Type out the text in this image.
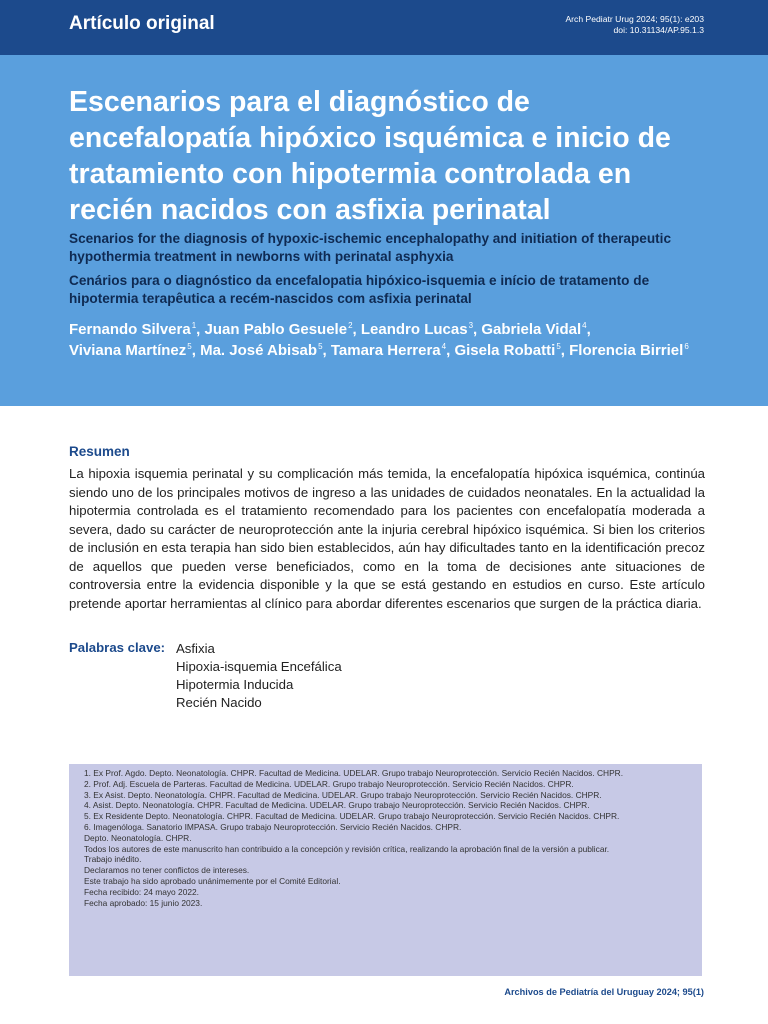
Artículo original	Arch Pediatr Urug 2024; 95(1): e203
doi: 10.31134/AP.95.1.3
Escenarios para el diagnóstico de encefalopatía hipóxico isquémica e inicio de tratamiento con hipotermia controlada en recién nacidos con asfixia perinatal

Scenarios for the diagnosis of hypoxic-ischemic encephalopathy and initiation of therapeutic hypothermia treatment in newborns with perinatal asphyxia

Cenários para o diagnóstico da encefalopatia hipóxico-isquemia e início de tratamento de hipotermia terapêutica a recém-nascidos com asfixia perinatal

Fernando Silvera$^1$, Juan Pablo Gesuele$^2$, Leandro Lucas$^3$, Gabriela Vidal$^4$, Viviana Martínez$^5$, Ma. José Abisab$^5$, Tamara Herrera$^4$, Gisela Robatti$^5$, Florencia Birriel$^6$

Resumen

La hipoxia isquemia perinatal y su complicación más temida, la encefalopatía hipóxica isquémica, continúa siendo uno de los principales motivos de ingreso a las unidades de cuidados neonatales. En la actualidad la hipotermia controlada es el tratamiento recomendado para los pacientes con encefalopatía moderada a severa, dado su carácter de neuroprotección ante la injuria cerebral hipóxico isquémica. Si bien los criterios de inclusión en esta terapia han sido bien establecidos, aún hay dificultades tanto en la identificación precoz de aquellos que pueden verse beneficiados, como en la toma de decisiones ante situaciones de controversia entre la evidencia disponible y la que se está gestando en estudios en curso. Este artículo pretende aportar herramientas al clínico para abordar diferentes escenarios que surgen de la práctica diaria.

Palabras clave: Asfixia
Hipoxia-isquemia Encefálica
Hipotermia Inducida
Recién Nacido
1. Ex Prof. Agdo. Depto. Neonatología. CHPR. Facultad de Medicina. UDELAR. Grupo trabajo Neuroprotección. Servicio Recién Nacidos. CHPR.
2. Prof. Adj. Escuela de Parteras. Facultad de Medicina. UDELAR. Grupo trabajo Neuroprotección. Servicio Recién Nacidos. CHPR.
3. Ex Asist. Depto. Neonatología. CHPR. Facultad de Medicina. UDELAR. Grupo trabajo Neuroprotección. Servicio Recién Nacidos. CHPR.
4. Asist. Depto. Neonatología. CHPR. Facultad de Medicina. UDELAR. Grupo trabajo Neuroprotección. Servicio Recién Nacidos. CHPR.
5. Ex Residente Depto. Neonatología. CHPR. Facultad de Medicina. UDELAR. Grupo trabajo Neuroprotección. Servicio Recién Nacidos. CHPR.
6. Imagenóloga. Sanatorio IMPASA. Grupo trabajo Neuroprotección. Servicio Recién Nacidos. CHPR.
Depto. Neonatología. CHPR.
Todos los autores de este manuscrito han contribuido a la concepción y revisión crítica, realizando la aprobación final de la versión a publicar.
Trabajo inédito.
Declaramos no tener conflictos de intereses.
Este trabajo ha sido aprobado unánimemente por el Comité Editorial.
Fecha recibido: 24 mayo 2022.
Fecha aprobado: 15 junio 2023.
Archivos de Pediatría del Uruguay 2024; 95(1)
